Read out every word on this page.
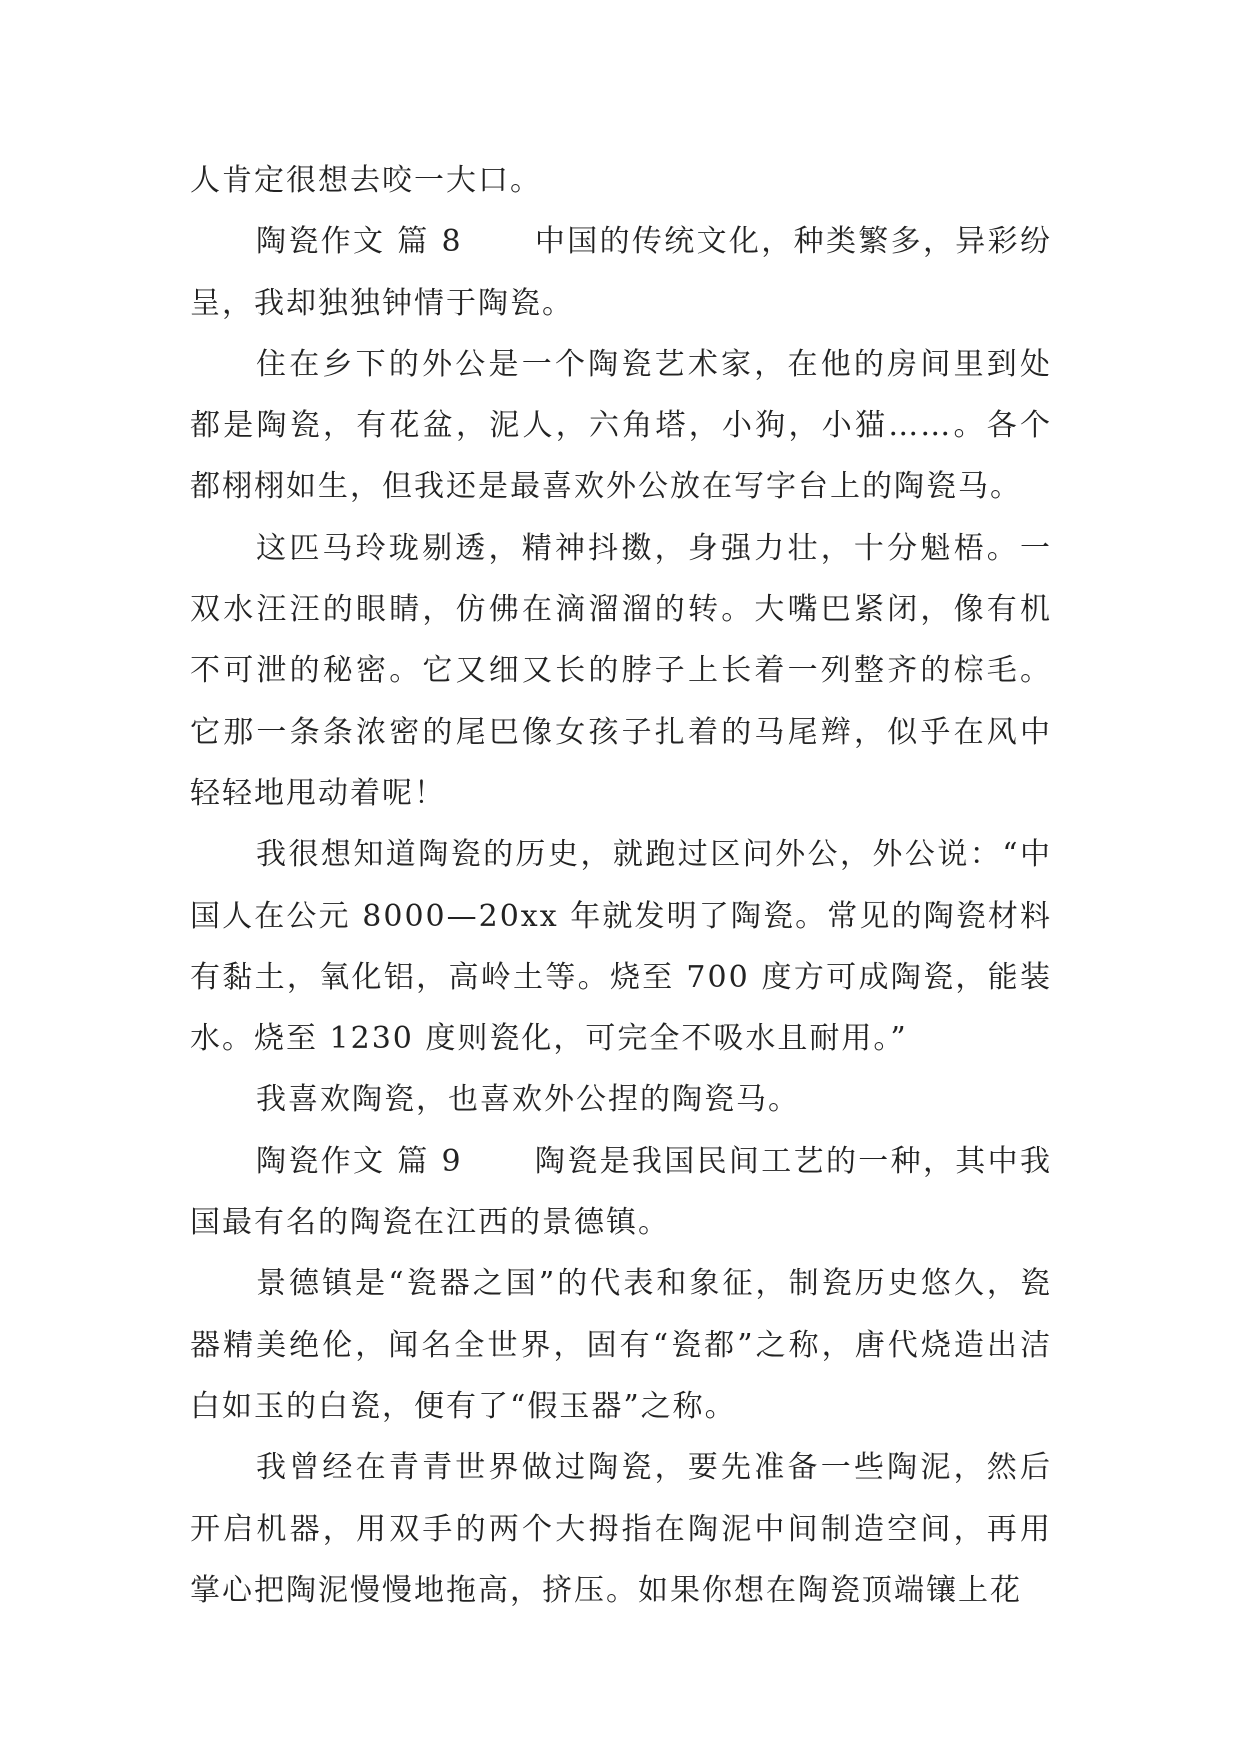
人肯定很想去咬一大口。

陶瓷作文 篇 8 中国的传统文化，种类繁多，异彩纷呈，我却独独钟情于陶瓷。

住在乡下的外公是一个陶瓷艺术家，在他的房间里到处都是陶瓷，有花盆，泥人，六角塔，小狗，小猫……。各个都栩栩如生，但我还是最喜欢外公放在写字台上的陶瓷马。

这匹马玲珑剔透，精神抖擞，身强力壮，十分魁梧。一双水汪汪的眼睛，仿佛在滴溜溜的转。大嘴巴紧闭，像有机不可泄的秘密。它又细又长的脖子上长着一列整齐的棕毛。它那一条条浓密的尾巴像女孩子扎着的马尾辫，似乎在风中轻轻地甩动着呢！

我很想知道陶瓷的历史，就跑过区问外公，外公说：“中国人在公元 8000—20xx 年就发明了陶瓷。常见的陶瓷材料有黏土，氧化铝，高岭土等。烧至 700 度方可成陶瓷，能装水。烧至 1230 度则瓷化，可完全不吸水且耐用。”

我喜欢陶瓷，也喜欢外公捏的陶瓷马。

陶瓷作文 篇 9 陶瓷是我国民间工艺的一种，其中我国最有名的陶瓷在江西的景德镇。

景德镇是“瓷器之国”的代表和象征，制瓷历史悠久，瓷器精美绝伦，闻名全世界，固有“瓷都”之称，唐代烧造出洁白如玉的白瓷，便有了“假玉器”之称。

我曾经在青青世界做过陶瓷，要先准备一些陶泥，然后开启机器，用双手的两个大拇指在陶泥中间制造空间，再用掌心把陶泥慢慢地拖高，挤压。如果你想在陶瓷顶端镶上花
